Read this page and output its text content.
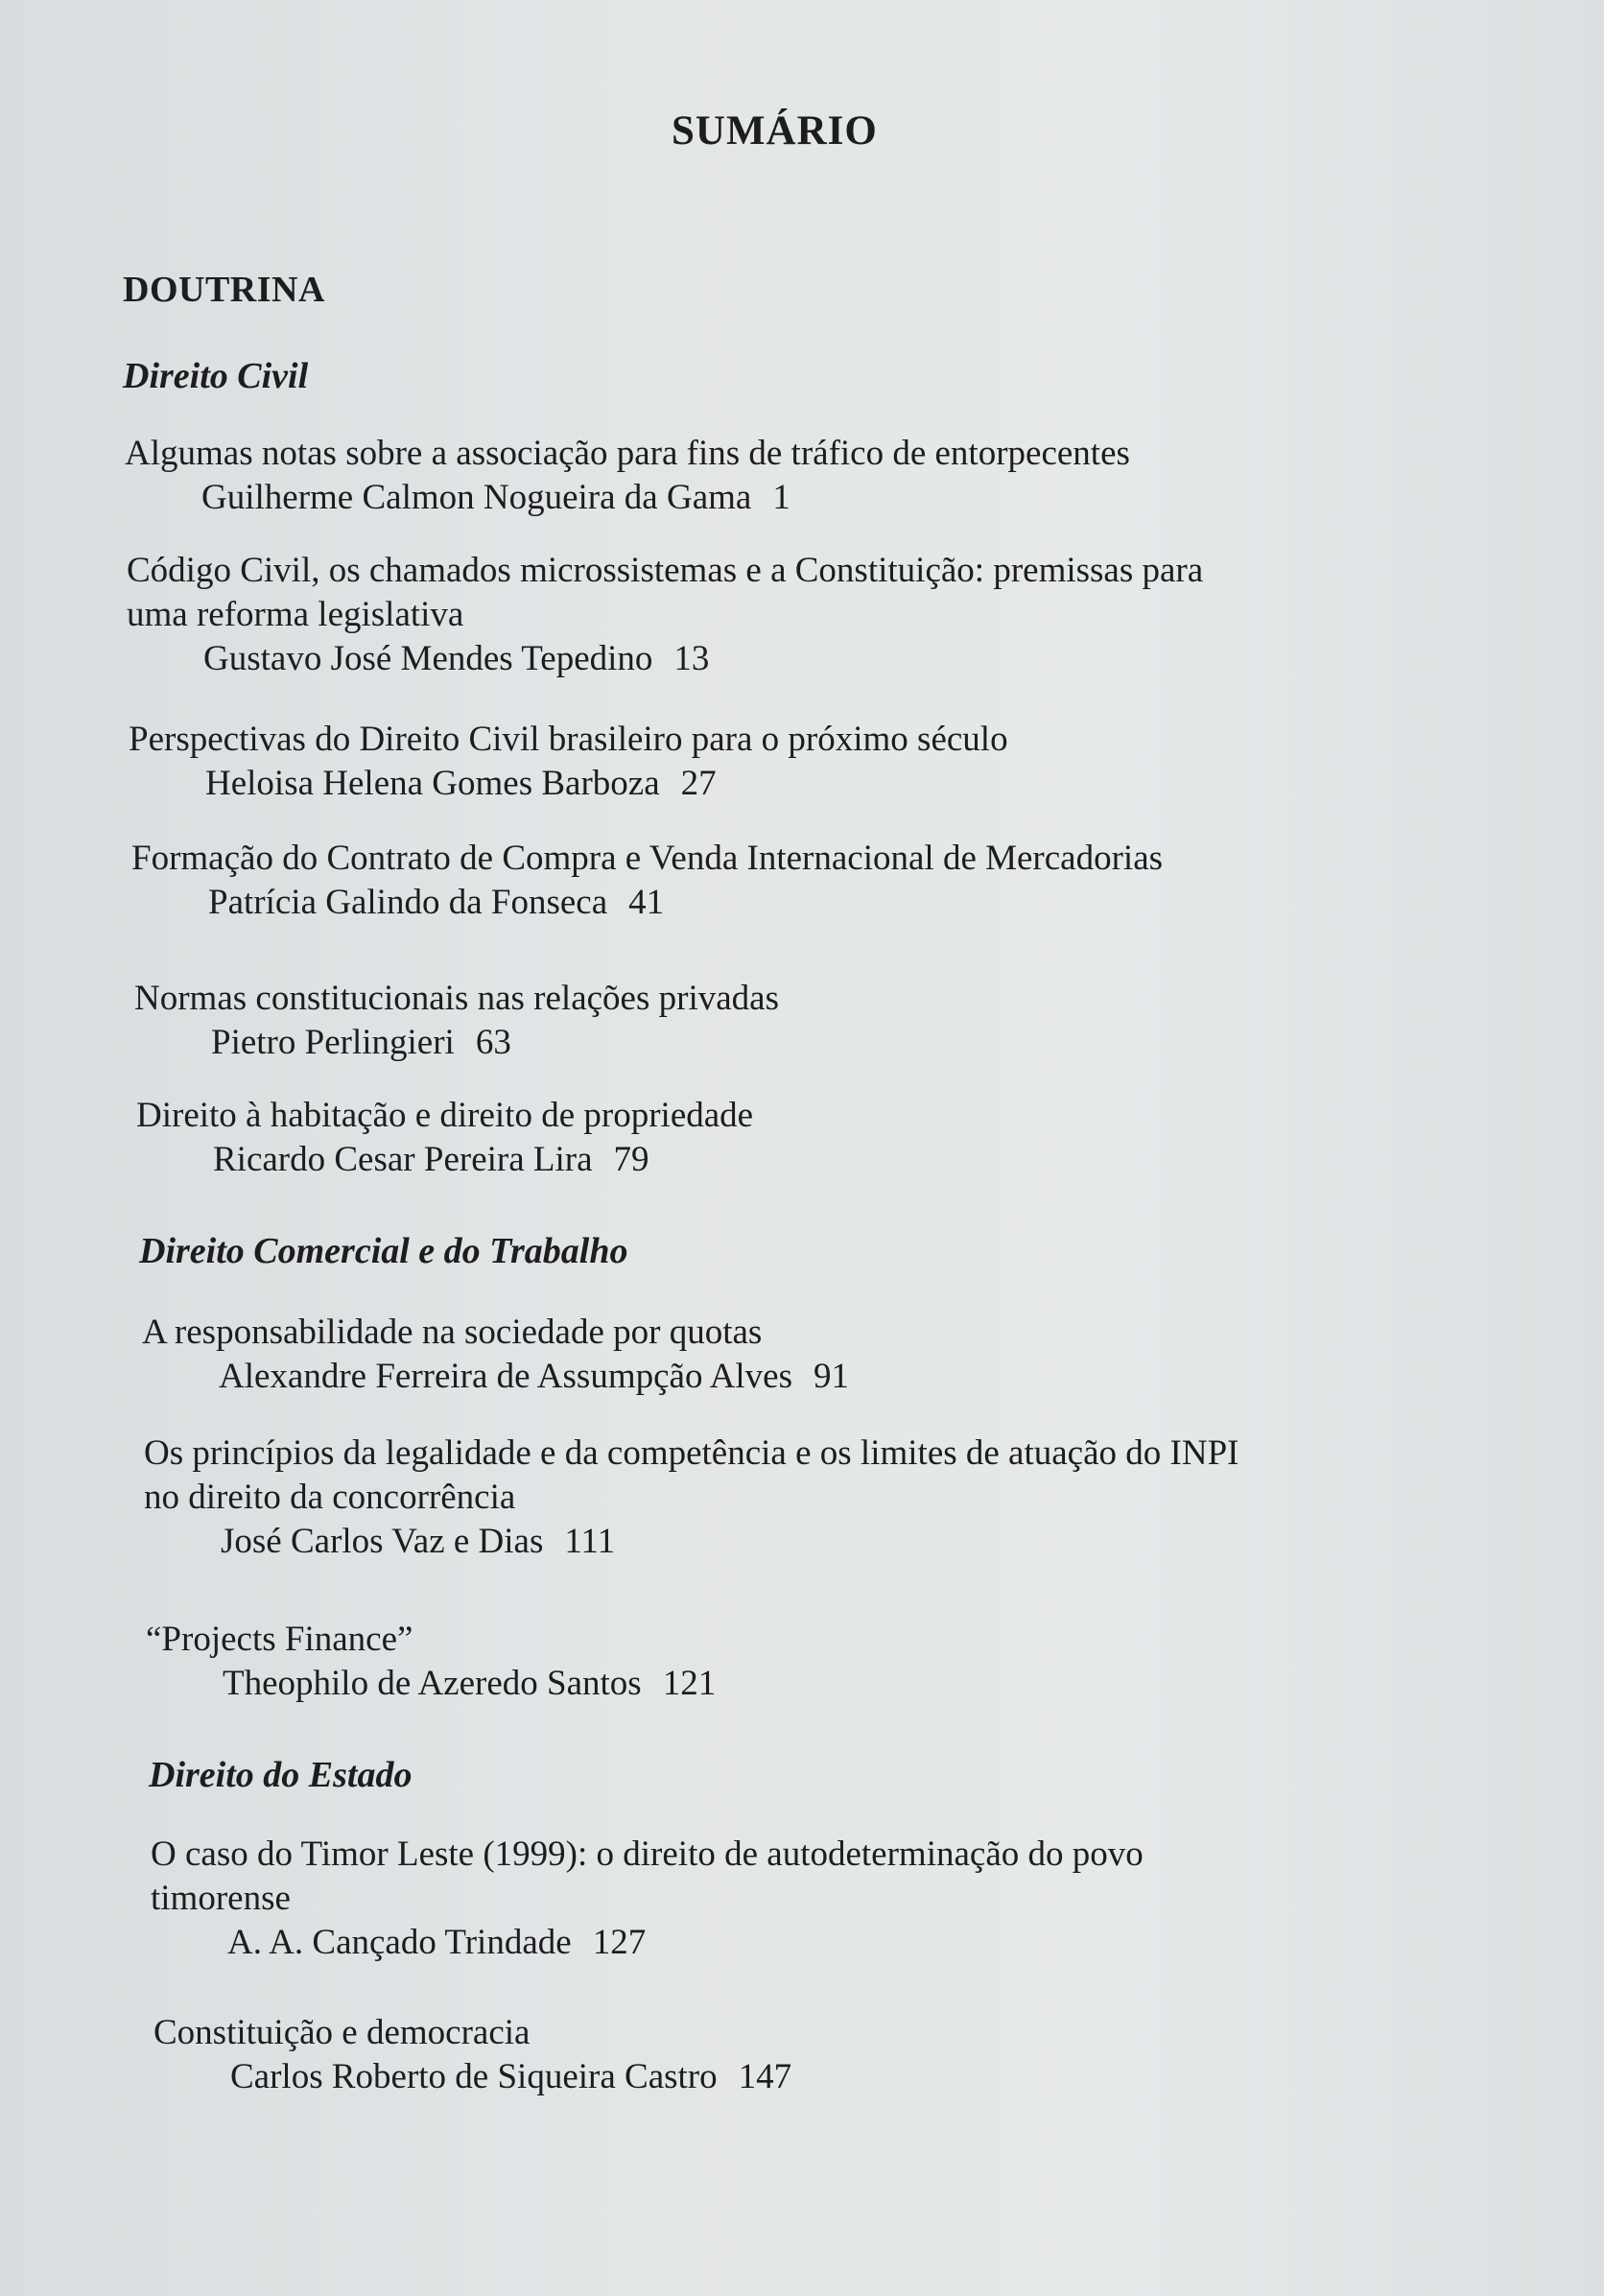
SUMÁRIO
DOUTRINA
Direito Civil
Algumas notas sobre a associação para fins de tráfico de entorpecentes
Guilherme Calmon Nogueira da Gama 1
Código Civil, os chamados microssistemas e a Constituição: premissas para
uma reforma legislativa
Gustavo José Mendes Tepedino 13
Perspectivas do Direito Civil brasileiro para o próximo século
Heloisa Helena Gomes Barboza 27
Formação do Contrato de Compra e Venda Internacional de Mercadorias
Patrícia Galindo da Fonseca 41
Normas constitucionais nas relações privadas
Pietro Perlingieri 63
Direito à habitação e direito de propriedade
Ricardo Cesar Pereira Lira 79
Direito Comercial e do Trabalho
A responsabilidade na sociedade por quotas
Alexandre Ferreira de Assumpção Alves 91
Os princípios da legalidade e da competência e os limites de atuação do INPI
no direito da concorrência
José Carlos Vaz e Dias 111
“Projects Finance”
Theophilo de Azeredo Santos 121
Direito do Estado
O caso do Timor Leste (1999): o direito de autodeterminação do povo
timorense
A. A. Cançado Trindade 127
Constituição e democracia
Carlos Roberto de Siqueira Castro 147
